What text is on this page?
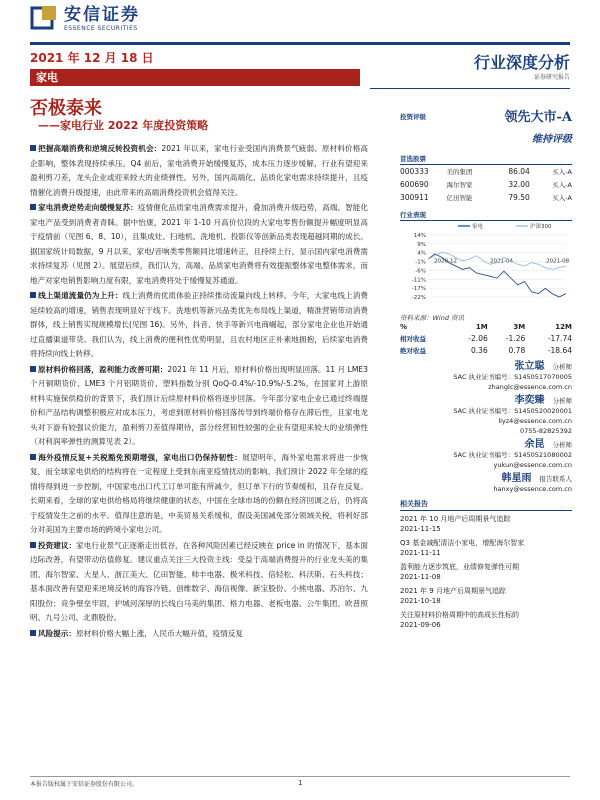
安信证券
ESSENCE SECURITIES
2021 年 12 月 18 日
家电
行业深度分析
证券研究报告
否极泰来
——家电行业 2022 年度投资策略
把握高端消费和逆境反转投资机会：2021 年以来，家电行业受国内消费景气疲弱、原材料价格高企影响，整体表现持续承压。Q4 前后，家电消费开始缓慢复苏，成本压力逐步缓解，行业有望迎来盈利剪刀差，龙头企业或迎来较大的业绩弹性。另外，国内高端化、品质化家电需求持续提升，且疫情催化消费升级提速，由此带来的高端消费投资机会值得关注。
家电消费逆势走向缓慢复苏：疫情催化品质家电消费需求提升，叠加消费升级趋势，高端、智能化家电产品受到消费者青睐。据中怡康，2021 年 1-10 月高价位段的大家电零售份额提升幅度明显高于疫情前（见图 6、8、10），且集成灶、扫地机、洗地机、投影仪等创新品类表现超越同期的成长。据国家统计局数据，9 月以来，家电/音响类零售额同比增速转正，且持续上行，显示国内家电消费需求持续复苏（见图 2）。展望后续，我们认为，高端、品质家电消费将有效提振整体家电整体需求，而地产对家电销售影响力度有限，家电消费将处于缓慢复苏通道。
线上渠道流量仍为上升：线上消费的优质体验正持续推动流量向线上转移。今年，大家电线上消费延续较高的增速，销售表现明显好于线下。洗地机等新兴品类优先布局线上渠道，精准营销带动消费群体，线上销售实现规模增长(见图 16)。另外，抖音、快手等新兴电商崛起，部分家电企业也开始通过直播渠道带货。我们认为，线上消费的便利性优势明显，且农村地区正朴素地拥抱，后续家电消费将持续向线上转移。
原材料价格回落，盈利能力改善可期：2021 年 11 月后，原材料价格出现明显回落。11 月 LME3 个月铜期货价、LME3 个月铝期货价、塑料指数分别 QoQ-0.4%/-10.9%/-5.2%。在国家对上游原材料实施保供稳价的背景下，我们预计后续原材料价格将逐步回落。今年部分家电企业已通过终端提价和产品结构调整积极应对成本压力，考虑到原材料价格回落传导到终端价格存在滞后性，且家电龙头对下游有较强议价能力，盈利剪刀差值得期待，部分经营韧性较强的企业有望迎来较大的业绩弹性（对利润率弹性的测算见表 2）。
海外疫情反复+关税豁免预期增强，家电出口仍保持韧性：展望明年，海外家电需求将进一步恢复，而全球家电供给的结构将在一定程度上受到东南亚疫情扰动的影响。我们预计 2022 年全球的疫情将得到进一步控制，中国家电出口代工订单可能有所减少，但订单下行的节奏缓和，且存在反复。长期来看，全球的家电供给格局将继续健康的状态，中国在全球市场的份额在经济回调之后，仍将高于疫情发生之前的水平。值得注意的是，中美贸易关系缓和，假设美国减免部分领域关税，将利好部分对美国为主要市场的跨境小家电公司。
投资建议：家电行业景气正逐渐走出低谷，在各种风险因素已经反映在 price in 的情况下，基本面边际改善，有望带动估值修复。建议重点关注三大投资主线：受益于高端消费提升的行业龙头美的集团、海尔智家、大星人、浙江美大、亿田智能、帅丰电器、极米科技、倍轻松、科沃斯、石头科技；基本面改善有望迎来逆境反转的海容冷链、创维数字、海信视像、新宝股份、小熊电器、苏泊尔、九阳股份；竞争壁垒牢固，护城河深厚的长线白马美的集团、格力电器、老板电器、公牛集团、欧普照明、九号公司、北鼎股份。
风险提示：原材料价格大幅上涨，人民币大幅升值，疫情反复
投资评级	领先大市-A
维持评级
首选股票
000333	美的集团	86.04	买入-A
600690	海尔智家	32.00	买入-A
300911	亿田智能	79.50	买入-A
行业表现
14%
9%
4%
-1%
-6%
-11%
-17%
-22%
2020-12	2021-04	2021-08
家电	沪深300
资料来源：Wind 资讯
%	1M	3M	12M
相对收益	-2.06	-1.26	-17.74
绝对收益	0.36	0.78	-18.64
张立聪 分析师
SAC 执业证书编号：S1450517070005
zhanglc@essence.com.cn
李奕臻 分析师
SAC 执业证书编号：S1450520020001
liyz4@essence.com.cn
0755-82825392
余昆 分析师
SAC 执业证书编号：S1450521080002
yukun@essence.com.cn
韩星雨 报告联系人
hanxy@essence.com.cn
相关报告
2021 年 10 月地产后周期景气追踪
2021-11-15
Q3 基金减配清洁小家电，增配海尔智家
2021-11-11
盈利能力逐步筑底，业绩修复弹性可期
2021-11-08
2021 年 9 月地产后周期景气追踪
2021-10-18
关注原材料价格周期中的高成长性标的
2021-09-06
本报告版权属于安信证券股份有限公司。	1
